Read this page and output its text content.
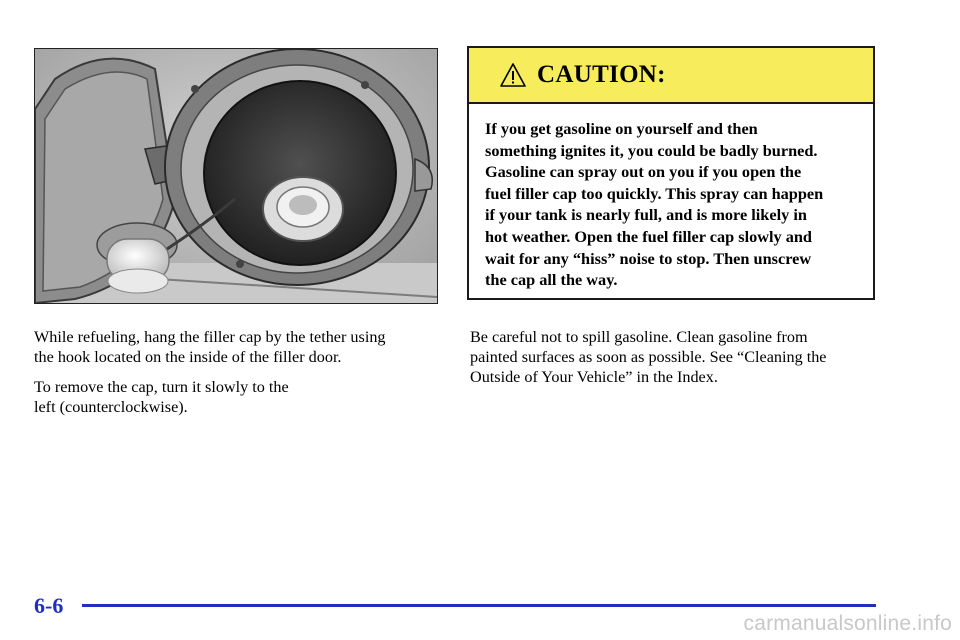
CAUTION:
If you get gasoline on yourself and then
something ignites it, you could be badly burned.
Gasoline can spray out on you if you open the
fuel filler cap too quickly. This spray can happen
if your tank is nearly full, and is more likely in
hot weather. Open the fuel filler cap slowly and
wait for any “hiss” noise to stop. Then unscrew
the cap all the way.

While refueling, hang the filler cap by the tether using
the hook located on the inside of the filler door.

To remove the cap, turn it slowly to the
left (counterclockwise).

Be careful not to spill gasoline. Clean gasoline from
painted surfaces as soon as possible. See “Cleaning the
Outside of Your Vehicle” in the Index.

6-6
carmanualsonline.info
